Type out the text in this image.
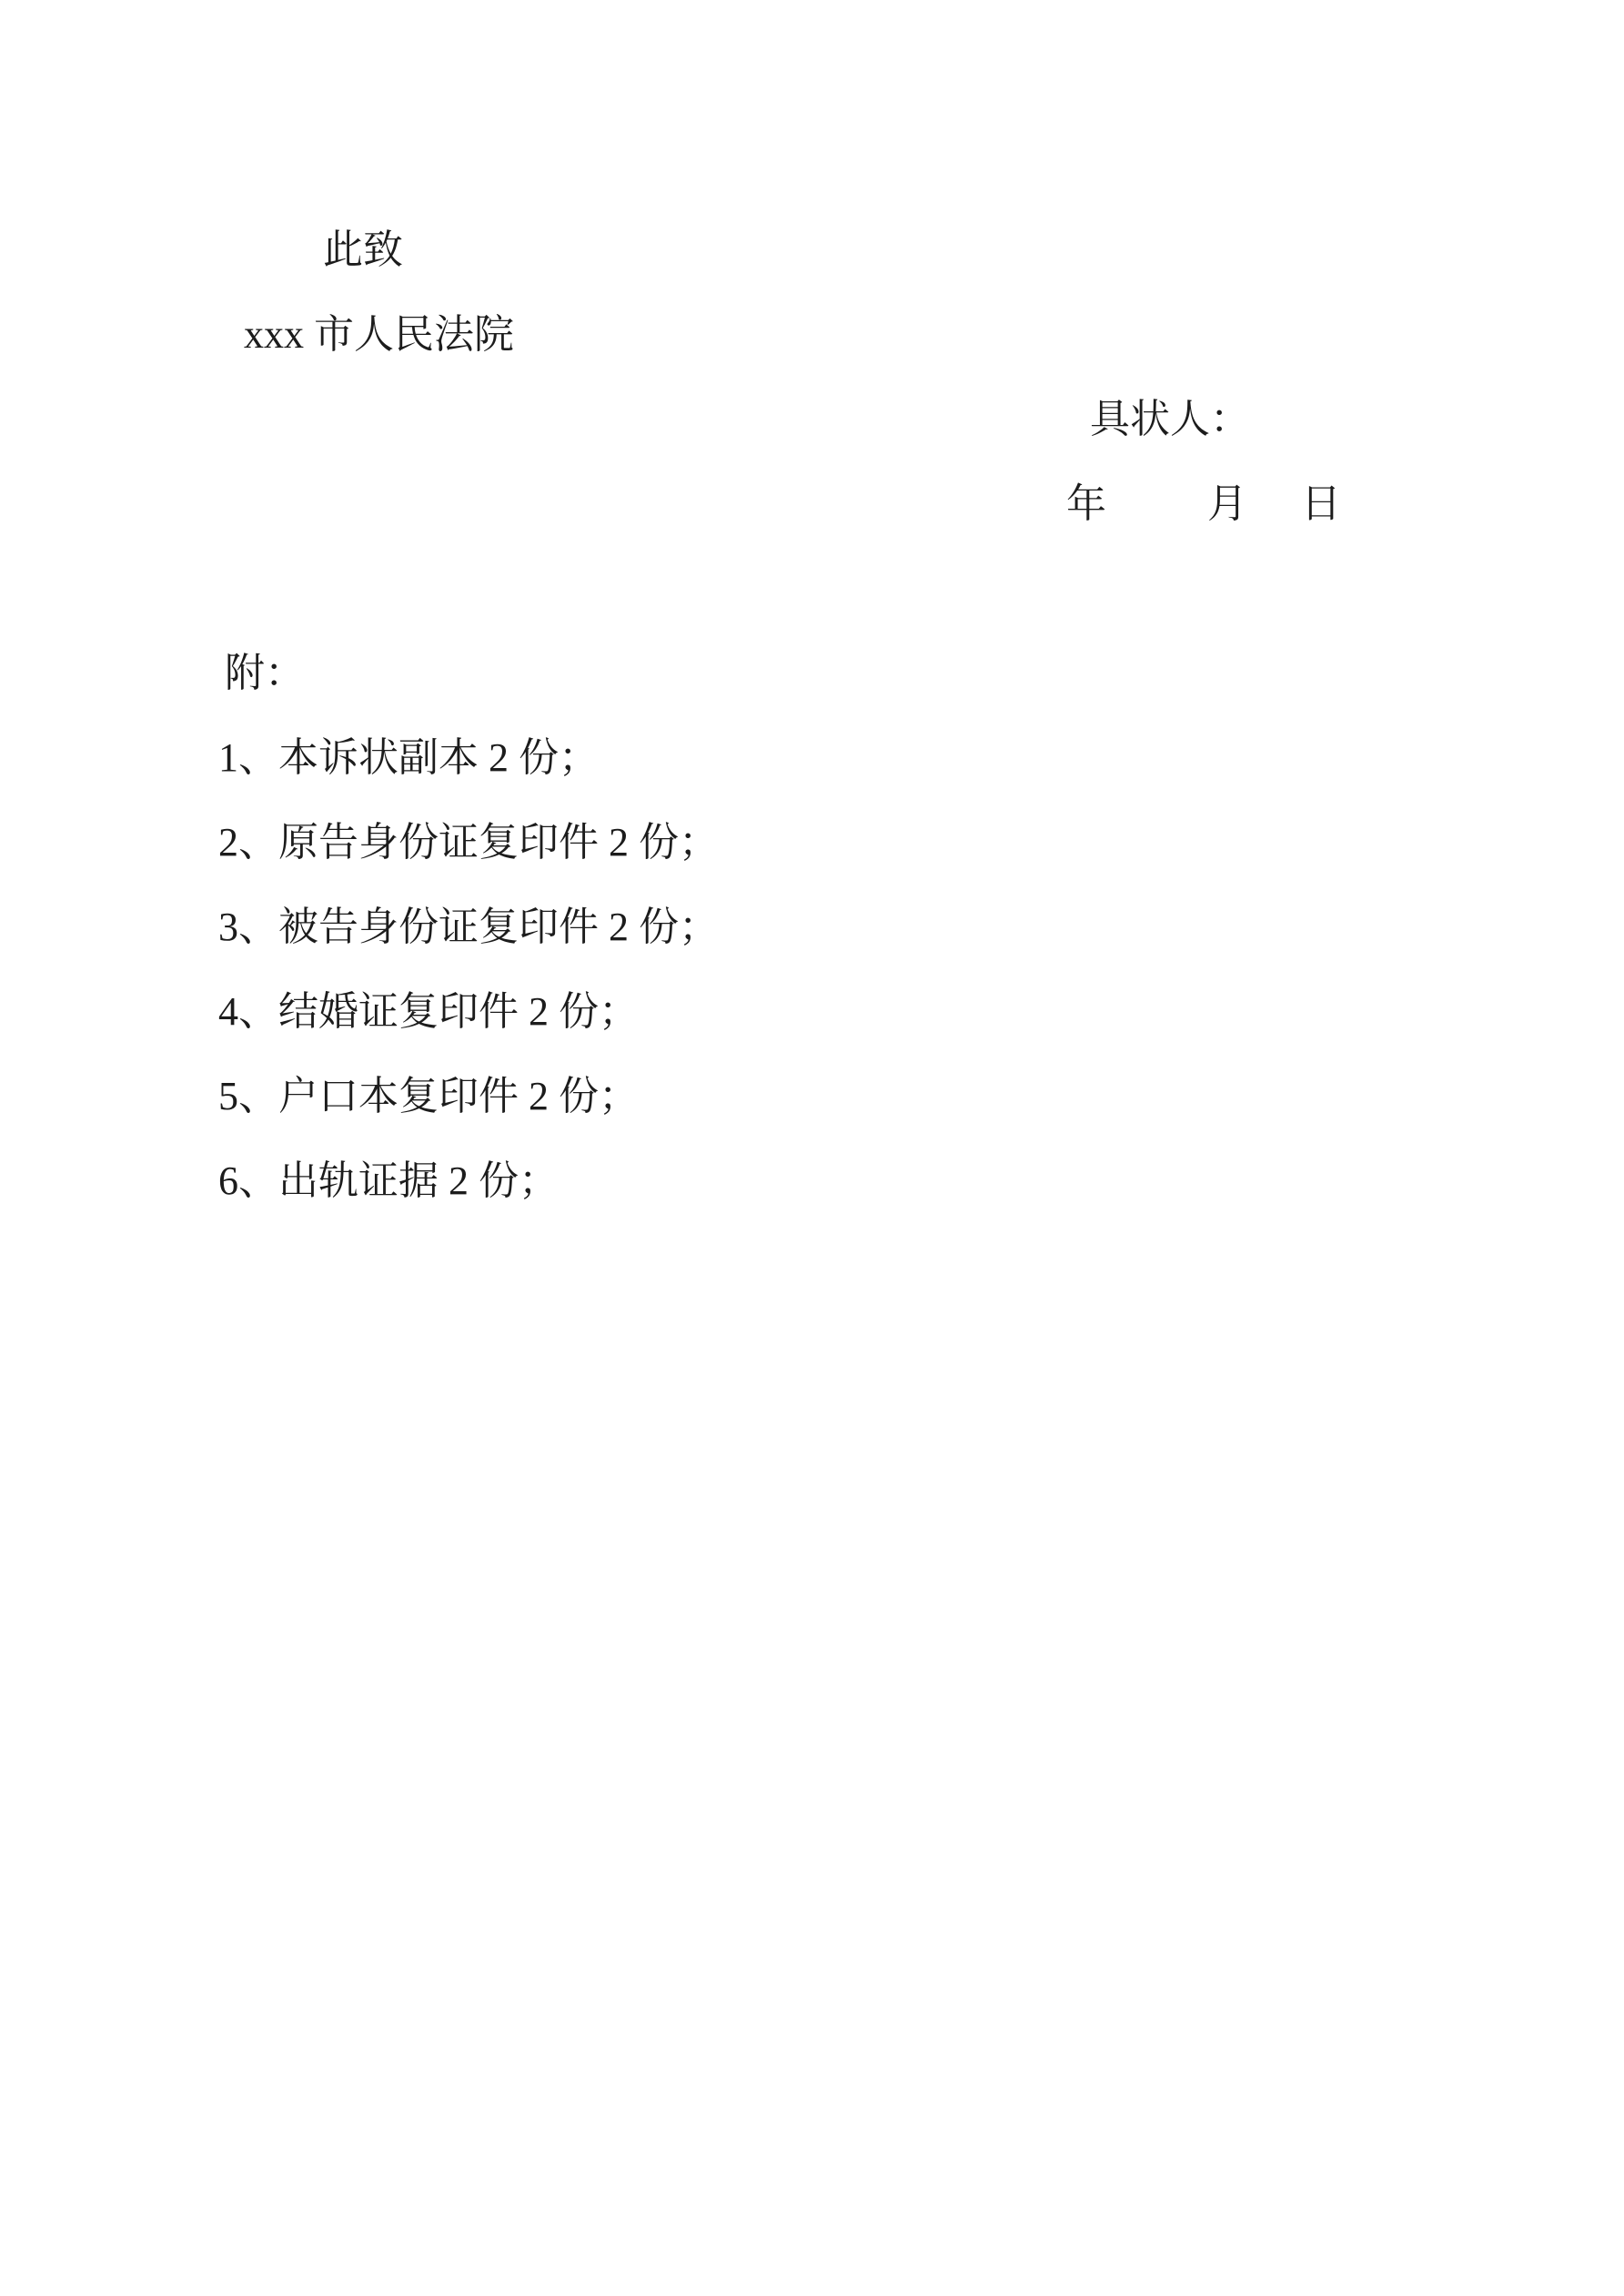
此致

xxx 市人民法院

具状人：

年	月 日

附：

1、本诉状副本 2 份；

2、原告身份证复印件 2 份；

3、被告身份证复印件 2 份；

4、结婚证复印件 2 份；

5、户口本复印件 2 份；

6、出轨证据 2 份；
